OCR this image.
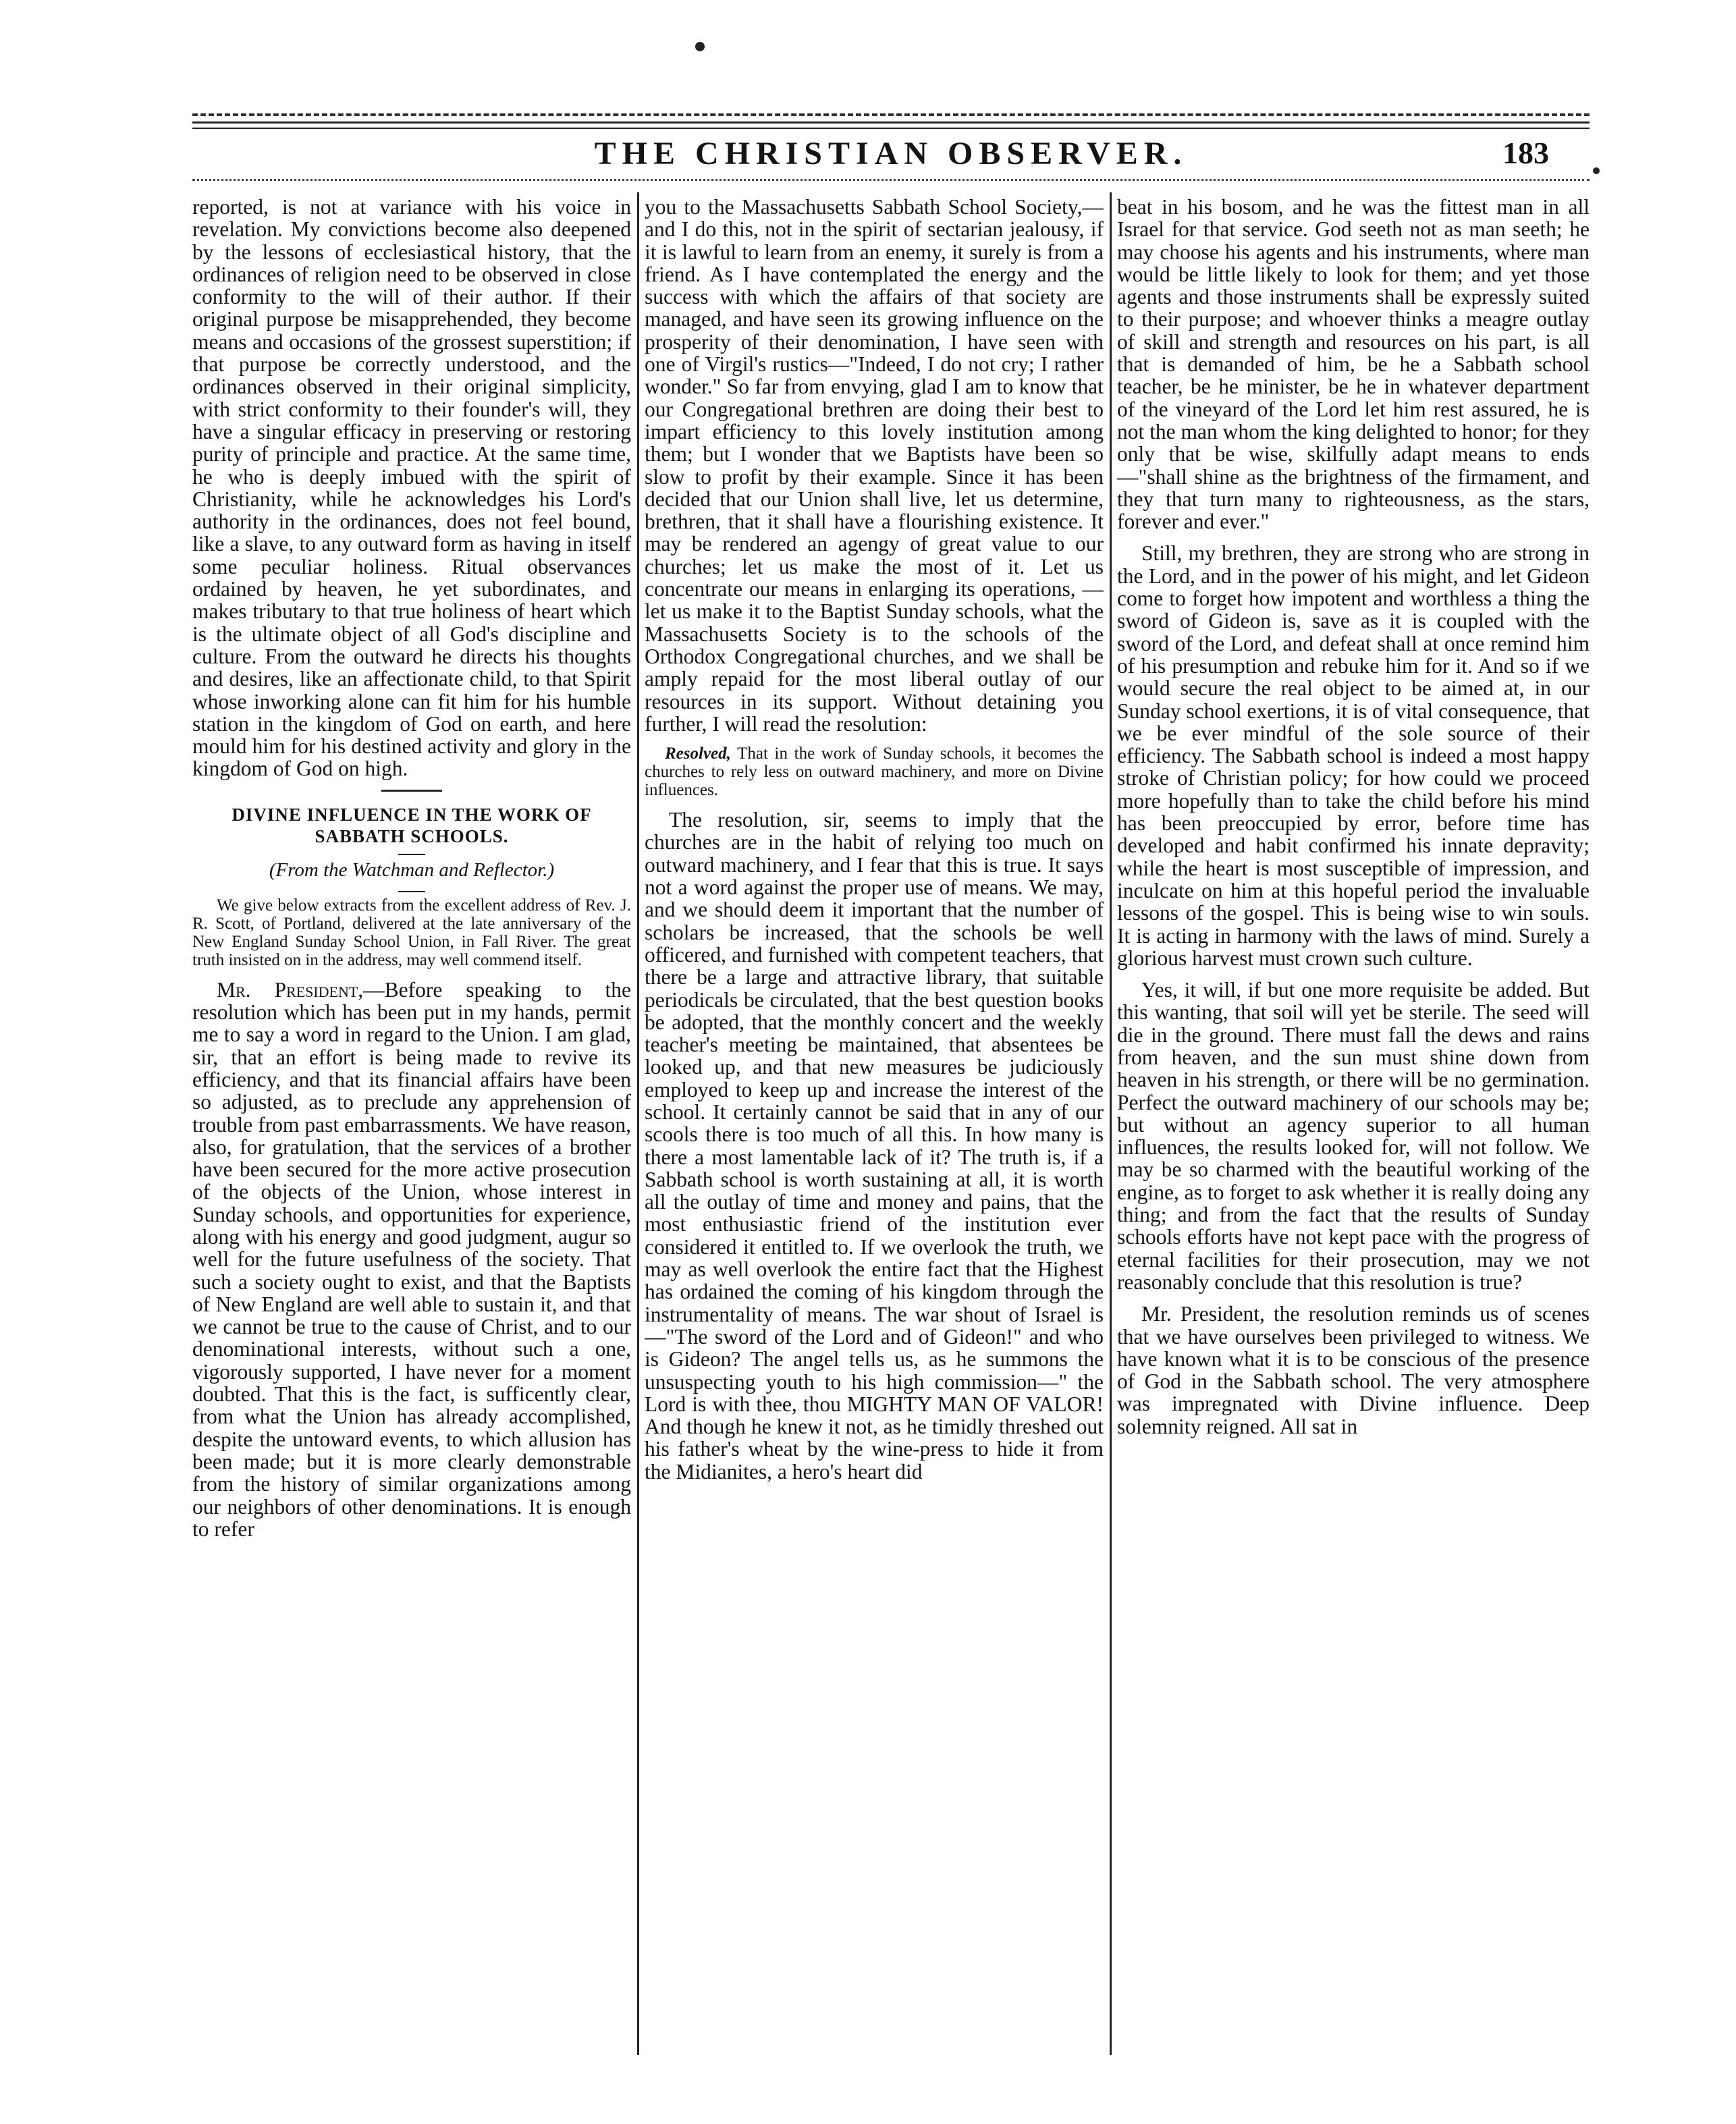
THE CHRISTIAN OBSERVER.	183

reported, is not at variance with his voice in revelation. My convictions become also deepened by the lessons of ecclesiastical history, that the ordinances of religion need to be observed in close conformity to the will of their author. If their original purpose be misapprehended, they become means and occasions of the grossest superstition; if that purpose be correctly understood, and the ordinances observed in their original simplicity, with strict conformity to their founder's will, they have a singular efficacy in preserving or restoring purity of principle and practice. At the same time, he who is deeply imbued with the spirit of Christianity, while he acknowledges his Lord's authority in the ordinances, does not feel bound, like a slave, to any outward form as having in itself some peculiar holiness. Ritual observances ordained by heaven, he yet subordinates, and makes tributary to that true holiness of heart which is the ultimate object of all God's discipline and culture. From the outward he directs his thoughts and desires, like an affectionate child, to that Spirit whose inworking alone can fit him for his humble station in the kingdom of God on earth, and here mould him for his destined activity and glory in the kingdom of God on high.

DIVINE INFLUENCE IN THE WORK OF SABBATH SCHOOLS.
(From the Watchman and Reflector.)

We give below extracts from the excellent address of Rev. J. R. Scott, of Portland, delivered at the late anniversary of the New England Sunday School Union, in Fall River. The great truth insisted on in the address, may well commend itself.

Mr. President,—Before speaking to the resolution which has been put in my hands, permit me to say a word in regard to the Union. I am glad, sir, that an effort is being made to revive its efficiency, and that its financial affairs have been so adjusted, as to preclude any apprehension of trouble from past embarrassments. We have reason, also, for gratulation, that the services of a brother have been secured for the more active prosecution of the objects of the Union, whose interest in Sunday schools, and opportunities for experience, along with his energy and good judgment, augur so well for the future usefulness of the society. That such a society ought to exist, and that the Baptists of New England are well able to sustain it, and that we cannot be true to the cause of Christ, and to our denominational interests, without such a one, vigorously supported, I have never for a moment doubted. That this is the fact, is sufficently clear, from what the Union has already accomplished, despite the untoward events, to which allusion has been made; but it is more clearly demonstrable from the history of similar organizations among our neighbors of other denominations. It is enough to refer

you to the Massachusetts Sabbath School Society,—and I do this, not in the spirit of sectarian jealousy, if it is lawful to learn from an enemy, it surely is from a friend. As I have contemplated the energy and the success with which the affairs of that society are managed, and have seen its growing influence on the prosperity of their denomination, I have seen with one of Virgil's rustics—"Indeed, I do not cry; I rather wonder." So far from envying, glad I am to know that our Congregational brethren are doing their best to impart efficiency to this lovely institution among them; but I wonder that we Baptists have been so slow to profit by their example. Since it has been decided that our Union shall live, let us determine, brethren, that it shall have a flourishing existence. It may be rendered an agengy of great value to our churches; let us make the most of it. Let us concentrate our means in enlarging its operations, —let us make it to the Baptist Sunday schools, what the Massachusetts Society is to the schools of the Orthodox Congregational churches, and we shall be amply repaid for the most liberal outlay of our resources in its support. Without detaining you further, I will read the resolution:

Resolved, That in the work of Sunday schools, it becomes the churches to rely less on outward machinery, and more on Divine influences.

The resolution, sir, seems to imply that the churches are in the habit of relying too much on outward machinery, and I fear that this is true. It says not a word against the proper use of means. We may, and we should deem it important that the number of scholars be increased, that the schools be well officered, and furnished with competent teachers, that there be a large and attractive library, that suitable periodicals be circulated, that the best question books be adopted, that the monthly concert and the weekly teacher's meeting be maintained, that absentees be looked up, and that new measures be judiciously employed to keep up and increase the interest of the school. It certainly cannot be said that in any of our scools there is too much of all this. In how many is there a most lamentable lack of it? The truth is, if a Sabbath school is worth sustaining at all, it is worth all the outlay of time and money and pains, that the most enthusiastic friend of the institution ever considered it entitled to. If we overlook the truth, we may as well overlook the entire fact that the Highest has ordained the coming of his kingdom through the instrumentality of means. The war shout of Israel is—"The sword of the Lord and of Gideon!" and who is Gideon? The angel tells us, as he summons the unsuspecting youth to his high commission—" the Lord is with thee, thou MIGHTY MAN OF VALOR! And though he knew it not, as he timidly threshed out his father's wheat by the wine-press to hide it from the Midianites, a hero's heart did

beat in his bosom, and he was the fittest man in all Israel for that service. God seeth not as man seeth; he may choose his agents and his instruments, where man would be little likely to look for them; and yet those agents and those instruments shall be expressly suited to their purpose; and whoever thinks a meagre outlay of skill and strength and resources on his part, is all that is demanded of him, be he a Sabbath school teacher, be he minister, be he in whatever department of the vineyard of the Lord let him rest assured, he is not the man whom the king delighted to honor; for they only that be wise, skilfully adapt means to ends —"shall shine as the brightness of the firmament, and they that turn many to righteousness, as the stars, forever and ever."

Still, my brethren, they are strong who are strong in the Lord, and in the power of his might, and let Gideon come to forget how impotent and worthless a thing the sword of Gideon is, save as it is coupled with the sword of the Lord, and defeat shall at once remind him of his presumption and rebuke him for it. And so if we would secure the real object to be aimed at, in our Sunday school exertions, it is of vital consequence, that we be ever mindful of the sole source of their efficiency. The Sabbath school is indeed a most happy stroke of Christian policy; for how could we proceed more hopefully than to take the child before his mind has been preoccupied by error, before time has developed and habit confirmed his innate depravity; while the heart is most susceptible of impression, and inculcate on him at this hopeful period the invaluable lessons of the gospel. This is being wise to win souls. It is acting in harmony with the laws of mind. Surely a glorious harvest must crown such culture.

Yes, it will, if but one more requisite be added. But this wanting, that soil will yet be sterile. The seed will die in the ground. There must fall the dews and rains from heaven, and the sun must shine down from heaven in his strength, or there will be no germination. Perfect the outward machinery of our schools may be; but without an agency superior to all human influences, the results looked for, will not follow. We may be so charmed with the beautiful working of the engine, as to forget to ask whether it is really doing any thing; and from the fact that the results of Sunday schools efforts have not kept pace with the progress of eternal facilities for their prosecution, may we not reasonably conclude that this resolution is true?

Mr. President, the resolution reminds us of scenes that we have ourselves been privileged to witness. We have known what it is to be conscious of the presence of God in the Sabbath school. The very atmosphere was impregnated with Divine influence. Deep solemnity reigned. All sat in
